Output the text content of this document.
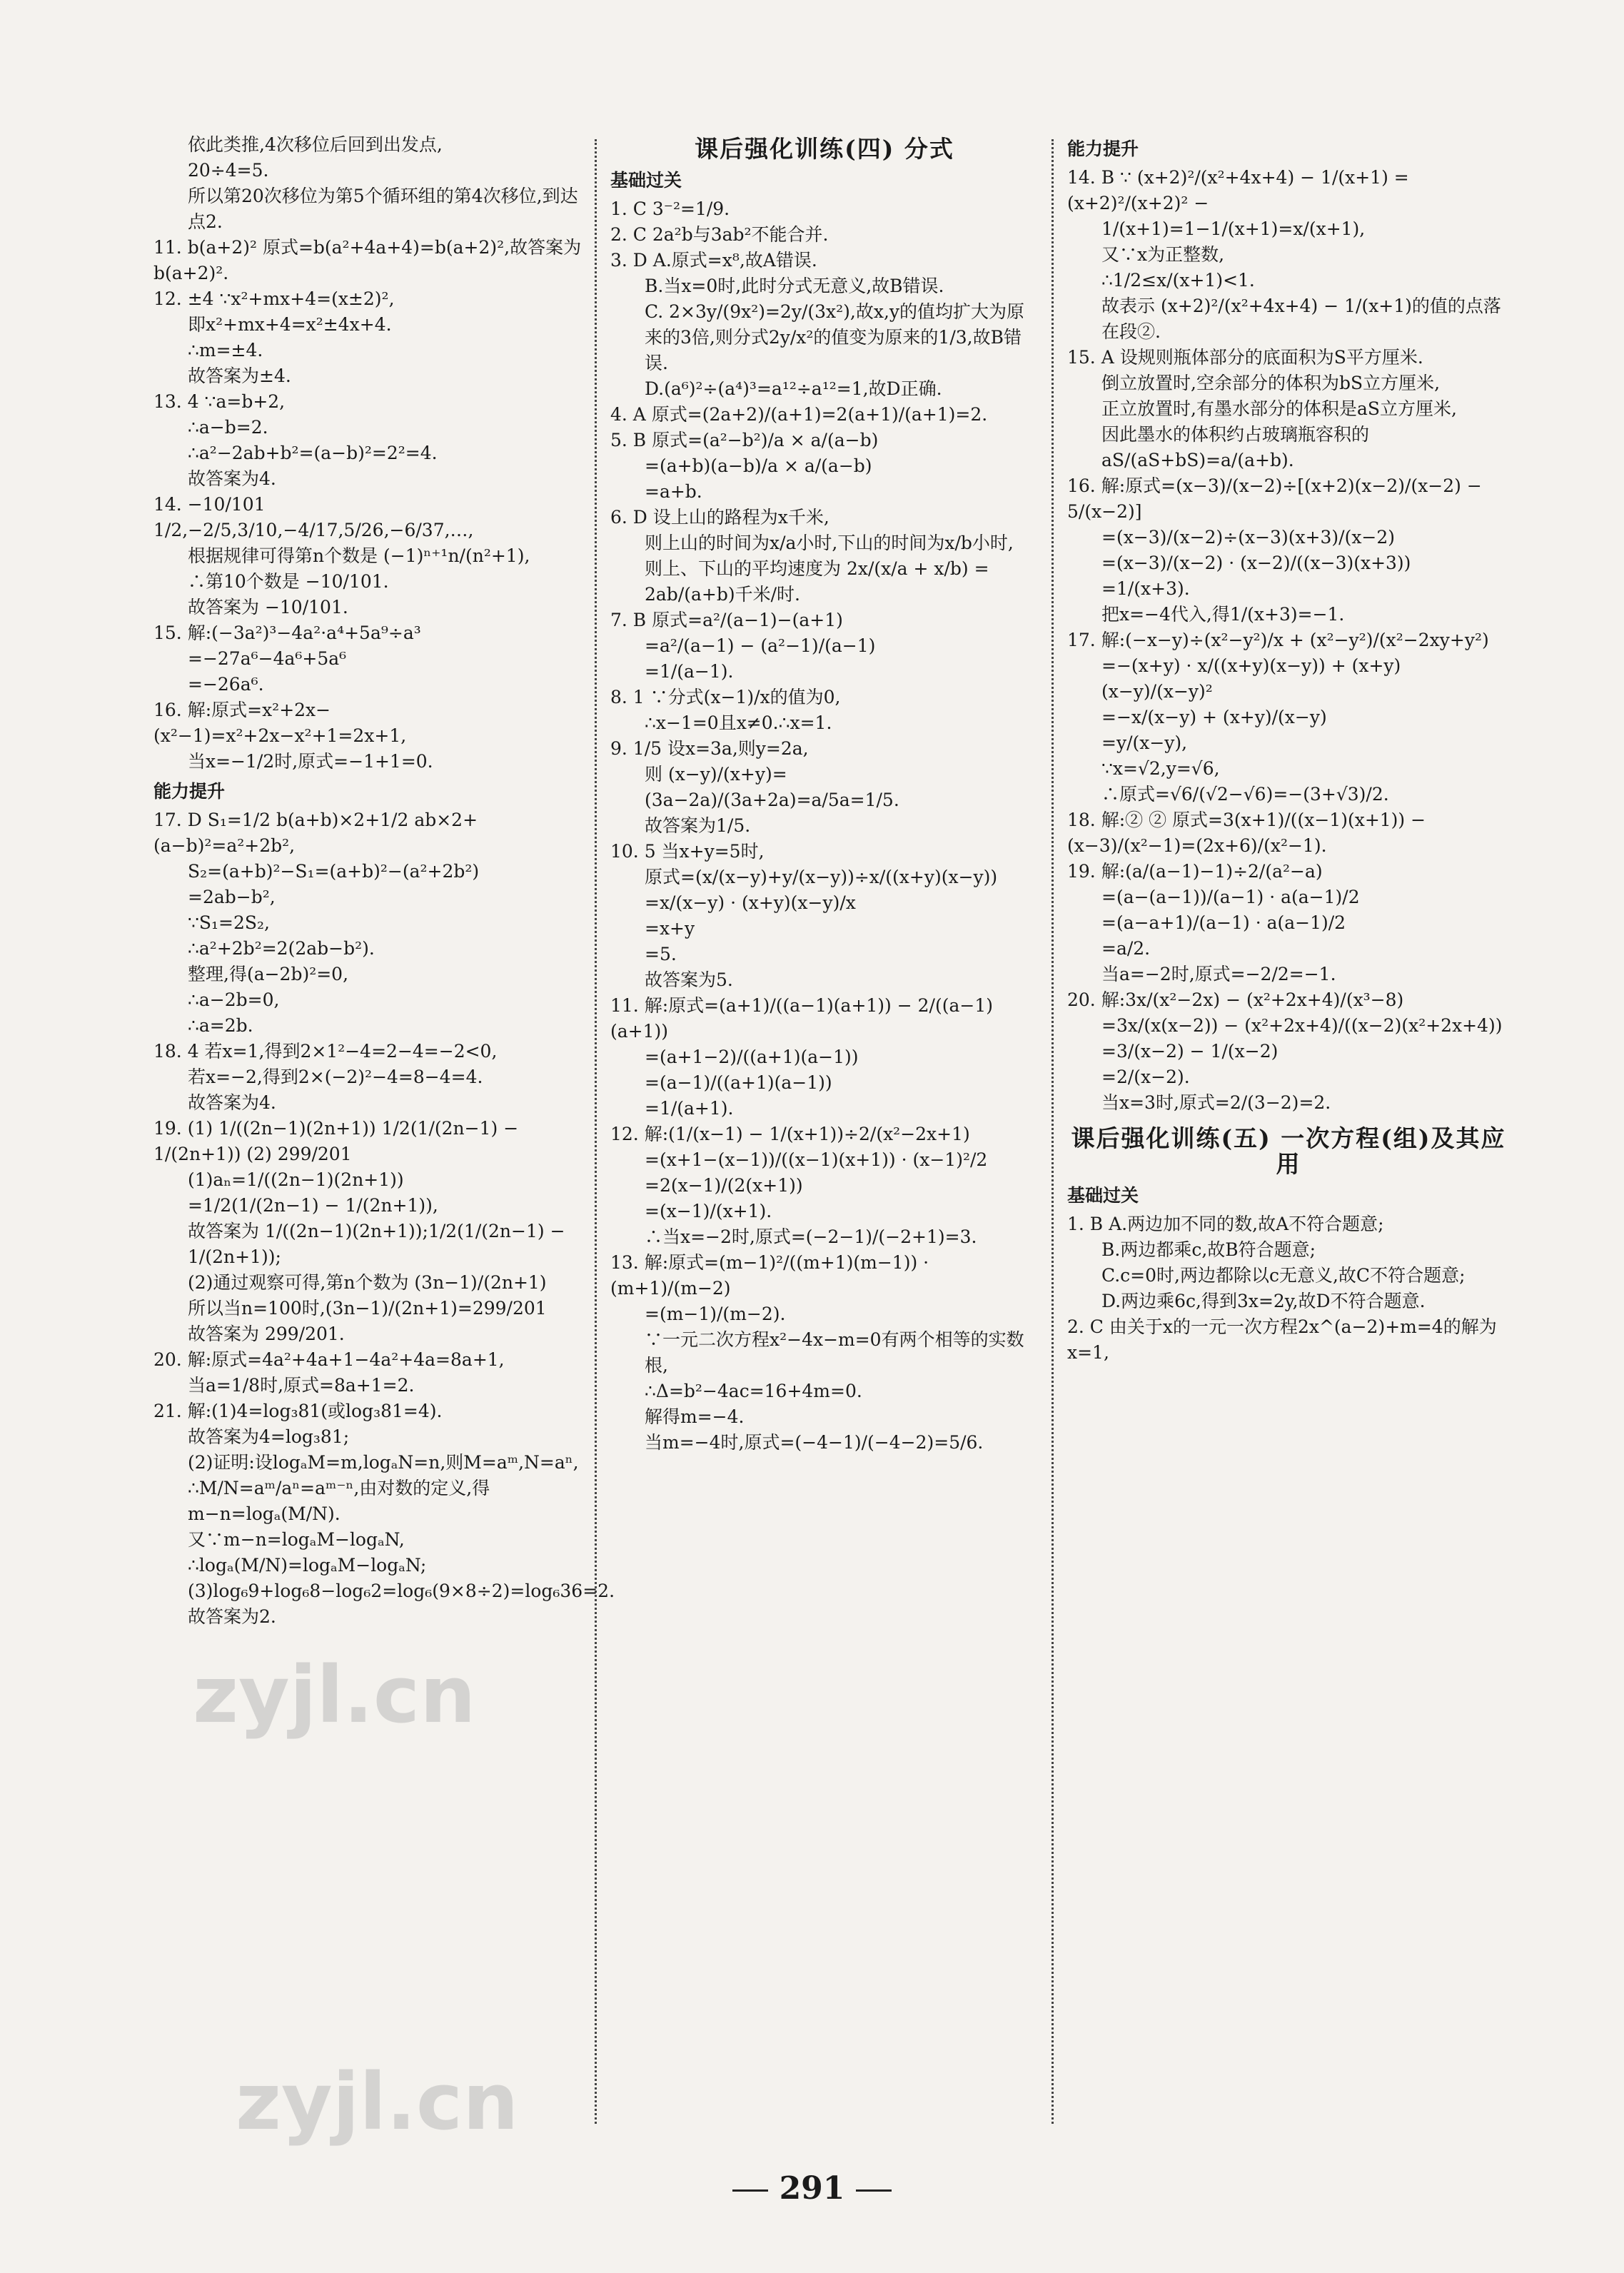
依此类推,4次移位后回到出发点,
20÷4=5.
所以第20次移位为第5个循环组的第4次移位,到达点2.
11. b(a+2)² 原式=b(a²+4a+4)=b(a+2)²,故答案为b(a+2)².
12. ±4 ∵x²+mx+4=(x±2)²,
即x²+mx+4=x²±4x+4.
∴m=±4.
故答案为±4.
13. 4 ∵a=b+2,
∴a−b=2.
∴a²−2ab+b²=(a−b)²=2²=4.
故答案为4.
14. −10/101 1/2,−2/5,3/10,−4/17,5/26,−6/37,…,
根据规律可得第n个数是 (−1)ⁿ⁺¹n/(n²+1),
∴第10个数是 −10/101.
故答案为 −10/101.
15. 解:(−3a²)³−4a²·a⁴+5a⁹÷a³
=−27a⁶−4a⁶+5a⁶
=−26a⁶.
16. 解:原式=x²+2x−(x²−1)=x²+2x−x²+1=2x+1,
当x=−1/2时,原式=−1+1=0.
能力提升
17. D S₁=1/2 b(a+b)×2+1/2 ab×2+(a−b)²=a²+2b²,
S₂=(a+b)²−S₁=(a+b)²−(a²+2b²)
=2ab−b²,
∵S₁=2S₂,
∴a²+2b²=2(2ab−b²).
整理,得(a−2b)²=0,
∴a−2b=0,
∴a=2b.
18. 4 若x=1,得到2×1²−4=2−4=−2<0,
若x=−2,得到2×(−2)²−4=8−4=4.
故答案为4.
19. (1) 1/((2n−1)(2n+1)) 1/2(1/(2n−1) − 1/(2n+1)) (2) 299/201
(1)aₙ=1/((2n−1)(2n+1))
=1/2(1/(2n−1) − 1/(2n+1)),
故答案为 1/((2n−1)(2n+1));1/2(1/(2n−1) − 1/(2n+1));
(2)通过观察可得,第n个数为 (3n−1)/(2n+1)
所以当n=100时,(3n−1)/(2n+1)=299/201
故答案为 299/201.
20. 解:原式=4a²+4a+1−4a²+4a=8a+1,
当a=1/8时,原式=8a+1=2.
21. 解:(1)4=log₃81(或log₃81=4).
故答案为4=log₃81;
(2)证明:设logₐM=m,logₐN=n,则M=aᵐ,N=aⁿ,
∴M/N=aᵐ/aⁿ=aᵐ⁻ⁿ,由对数的定义,得
m−n=logₐ(M/N).
又∵m−n=logₐM−logₐN,
∴logₐ(M/N)=logₐM−logₐN;
(3)log₆9+log₆8−log₆2=log₆(9×8÷2)=log₆36=2.
故答案为2.
课后强化训练(四) 分式
基础过关
1. C 3⁻²=1/9.
2. C 2a²b与3ab²不能合并.
3. D A.原式=x⁸,故A错误.
B.当x=0时,此时分式无意义,故B错误.
C. 2×3y/(9x²)=2y/(3x²),故x,y的值均扩大为原来的3倍,则分式2y/x²的值变为原来的1/3,故B错误.
D.(a⁶)²÷(a⁴)³=a¹²÷a¹²=1,故D正确.
4. A 原式=(2a+2)/(a+1)=2(a+1)/(a+1)=2.
5. B 原式=(a²−b²)/a × a/(a−b)
=(a+b)(a−b)/a × a/(a−b)
=a+b.
6. D 设上山的路程为x千米,
则上山的时间为x/a小时,下山的时间为x/b小时,
则上、下山的平均速度为 2x/(x/a + x/b) = 2ab/(a+b)千米/时.
7. B 原式=a²/(a−1)−(a+1)
=a²/(a−1) − (a²−1)/(a−1)
=1/(a−1).
8. 1 ∵分式(x−1)/x的值为0,
∴x−1=0且x≠0.∴x=1.
9. 1/5 设x=3a,则y=2a,
则 (x−y)/(x+y)=(3a−2a)/(3a+2a)=a/5a=1/5.
故答案为1/5.
10. 5 当x+y=5时,
原式=(x/(x−y)+y/(x−y))÷x/((x+y)(x−y))
=x/(x−y) · (x+y)(x−y)/x
=x+y
=5.
故答案为5.
11. 解:原式=(a+1)/((a−1)(a+1)) − 2/((a−1)(a+1))
=(a+1−2)/((a+1)(a−1))
=(a−1)/((a+1)(a−1))
=1/(a+1).
12. 解:(1/(x−1) − 1/(x+1))÷2/(x²−2x+1)
=(x+1−(x−1))/((x−1)(x+1)) · (x−1)²/2
=2(x−1)/(2(x+1))
=(x−1)/(x+1).
∴当x=−2时,原式=(−2−1)/(−2+1)=3.
13. 解:原式=(m−1)²/((m+1)(m−1)) · (m+1)/(m−2)
=(m−1)/(m−2).
∵一元二次方程x²−4x−m=0有两个相等的实数根,
∴Δ=b²−4ac=16+4m=0.
解得m=−4.
当m=−4时,原式=(−4−1)/(−4−2)=5/6.
能力提升
14. B ∵ (x+2)²/(x²+4x+4) − 1/(x+1) = (x+2)²/(x+2)² −
1/(x+1)=1−1/(x+1)=x/(x+1),
又∵x为正整数,
∴1/2≤x/(x+1)<1.
故表示 (x+2)²/(x²+4x+4) − 1/(x+1)的值的点落在段②.
15. A 设规则瓶体部分的底面积为S平方厘米.
倒立放置时,空余部分的体积为bS立方厘米,
正立放置时,有墨水部分的体积是aS立方厘米,
因此墨水的体积约占玻璃瓶容积的 aS/(aS+bS)=a/(a+b).
16. 解:原式=(x−3)/(x−2)÷[(x+2)(x−2)/(x−2) − 5/(x−2)]
=(x−3)/(x−2)÷(x−3)(x+3)/(x−2)
=(x−3)/(x−2) · (x−2)/((x−3)(x+3))
=1/(x+3).
把x=−4代入,得1/(x+3)=−1.
17. 解:(−x−y)÷(x²−y²)/x + (x²−y²)/(x²−2xy+y²)
=−(x+y) · x/((x+y)(x−y)) + (x+y)(x−y)/(x−y)²
=−x/(x−y) + (x+y)/(x−y)
=y/(x−y),
∵x=√2,y=√6,
∴原式=√6/(√2−√6)=−(3+√3)/2.
18. 解:② ② 原式=3(x+1)/((x−1)(x+1)) − (x−3)/(x²−1)=(2x+6)/(x²−1).
19. 解:(a/(a−1)−1)÷2/(a²−a)
=(a−(a−1))/(a−1) · a(a−1)/2
=(a−a+1)/(a−1) · a(a−1)/2
=a/2.
当a=−2时,原式=−2/2=−1.
20. 解:3x/(x²−2x) − (x²+2x+4)/(x³−8)
=3x/(x(x−2)) − (x²+2x+4)/((x−2)(x²+2x+4))
=3/(x−2) − 1/(x−2)
=2/(x−2).
当x=3时,原式=2/(3−2)=2.
课后强化训练(五) 一次方程(组)及其应用
基础过关
1. B A.两边加不同的数,故A不符合题意;
B.两边都乘c,故B符合题意;
C.c=0时,两边都除以c无意义,故C不符合题意;
D.两边乘6c,得到3x=2y,故D不符合题意.
2. C 由关于x的一元一次方程2x^(a−2)+m=4的解为x=1,
zyjl.cn
zyjl.cn
291
